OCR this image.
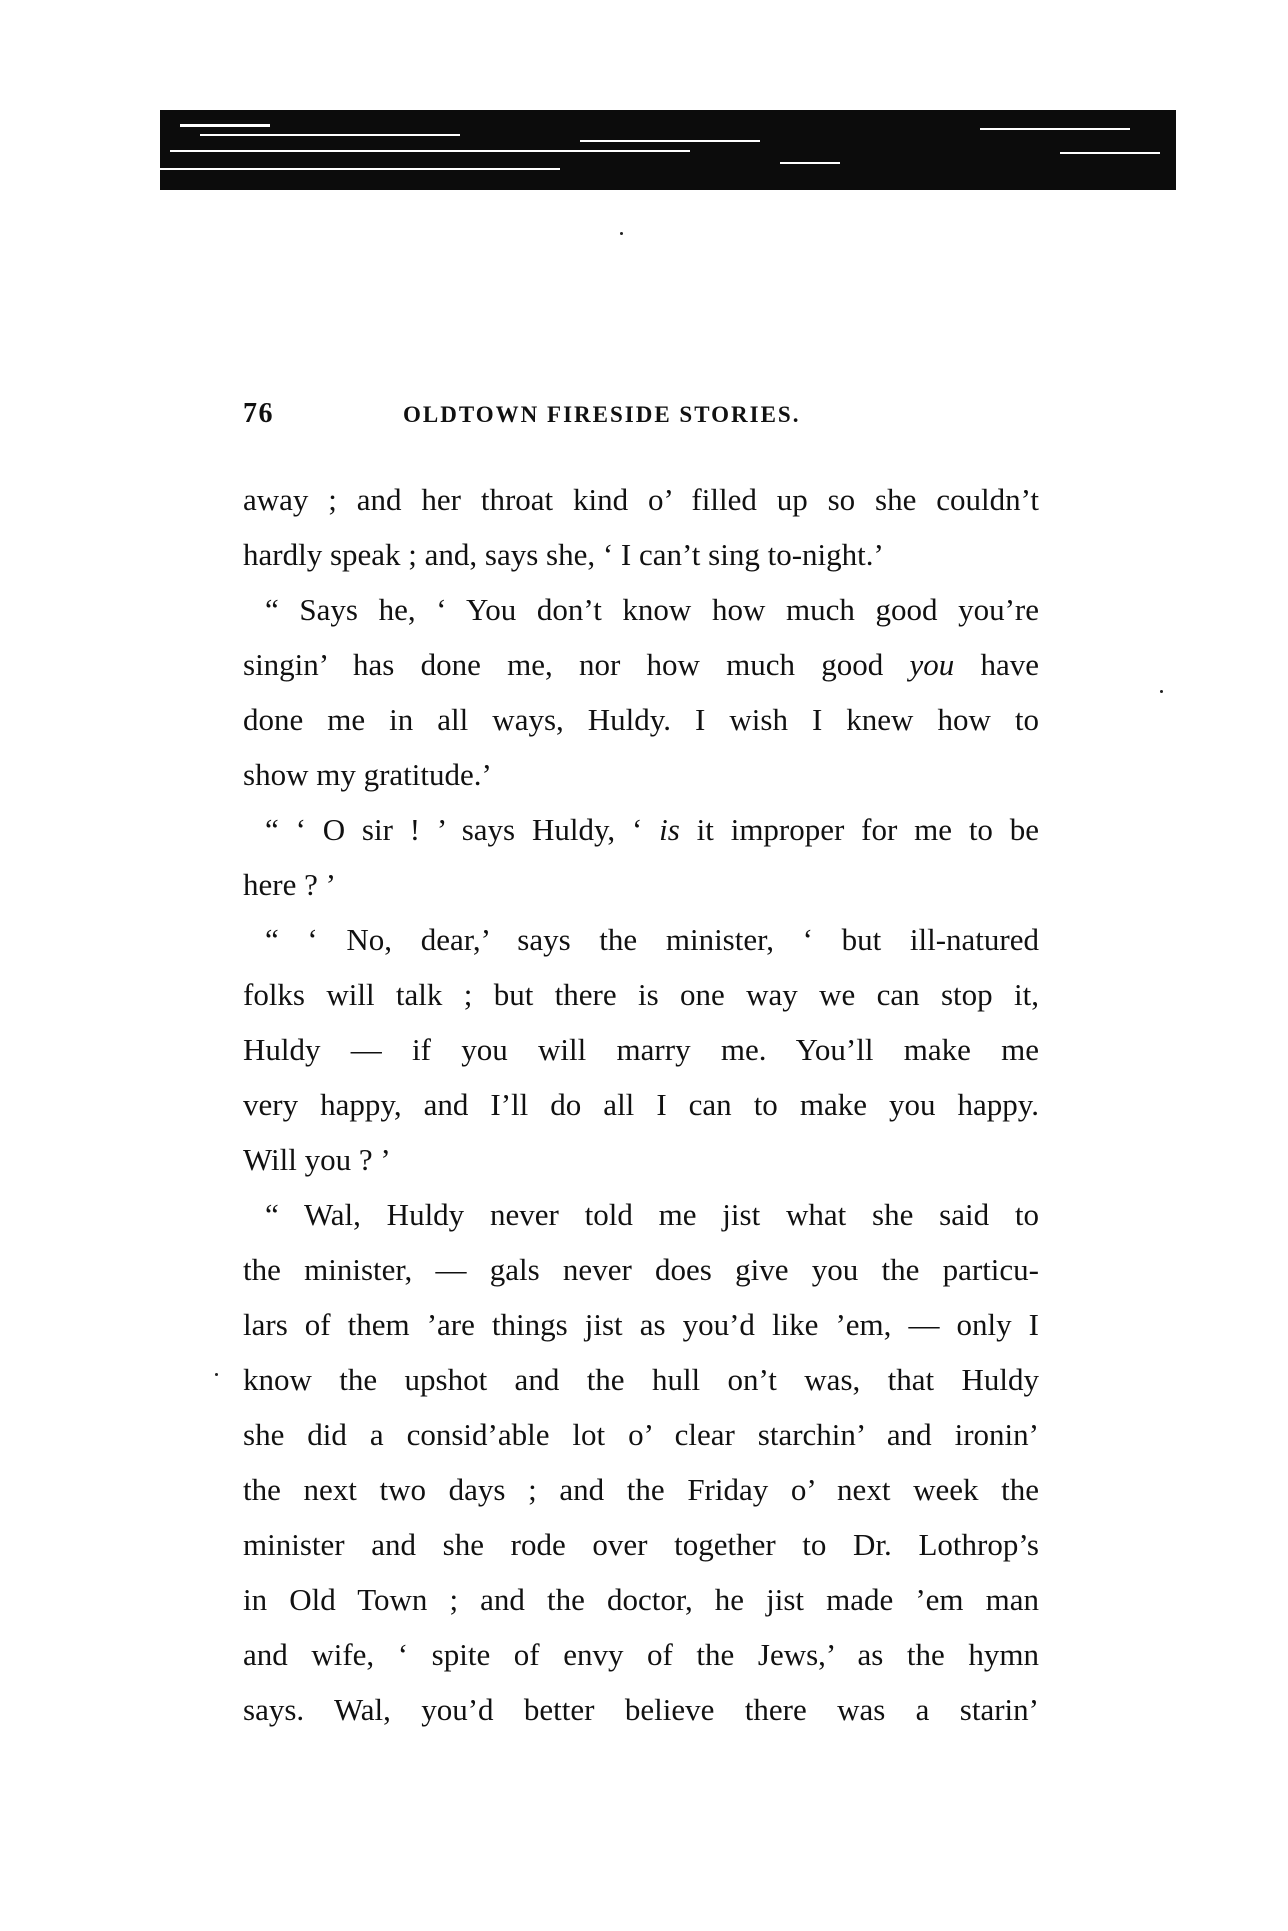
76	OLDTOWN FIRESIDE STORIES.
away ; and her throat kind o’ filled up so she couldn’t
hardly speak ; and, says she, ‘ I can’t sing to-night.’
“ Says he, ‘ You don’t know how much good you’re
singin’ has done me, nor how much good you have
done me in all ways, Huldy. I wish I knew how to
show my gratitude.’
“ ‘ O sir ! ’ says Huldy, ‘ is it improper for me to be
here ? ’
“ ‘ No, dear,’ says the minister, ‘ but ill-natured
folks will talk ; but there is one way we can stop it,
Huldy — if you will marry me. You’ll make me
very happy, and I’ll do all I can to make you happy.
Will you ? ’
“ Wal, Huldy never told me jist what she said to
the minister, — gals never does give you the particu-
lars of them ’are things jist as you’d like ’em, — only I
know the upshot and the hull on’t was, that Huldy
she did a consid’able lot o’ clear starchin’ and ironin’
the next two days ; and the Friday o’ next week the
minister and she rode over together to Dr. Lothrop’s
in Old Town ; and the doctor, he jist made ’em man
and wife, ‘ spite of envy of the Jews,’ as the hymn
says. Wal, you’d better believe there was a starin’
